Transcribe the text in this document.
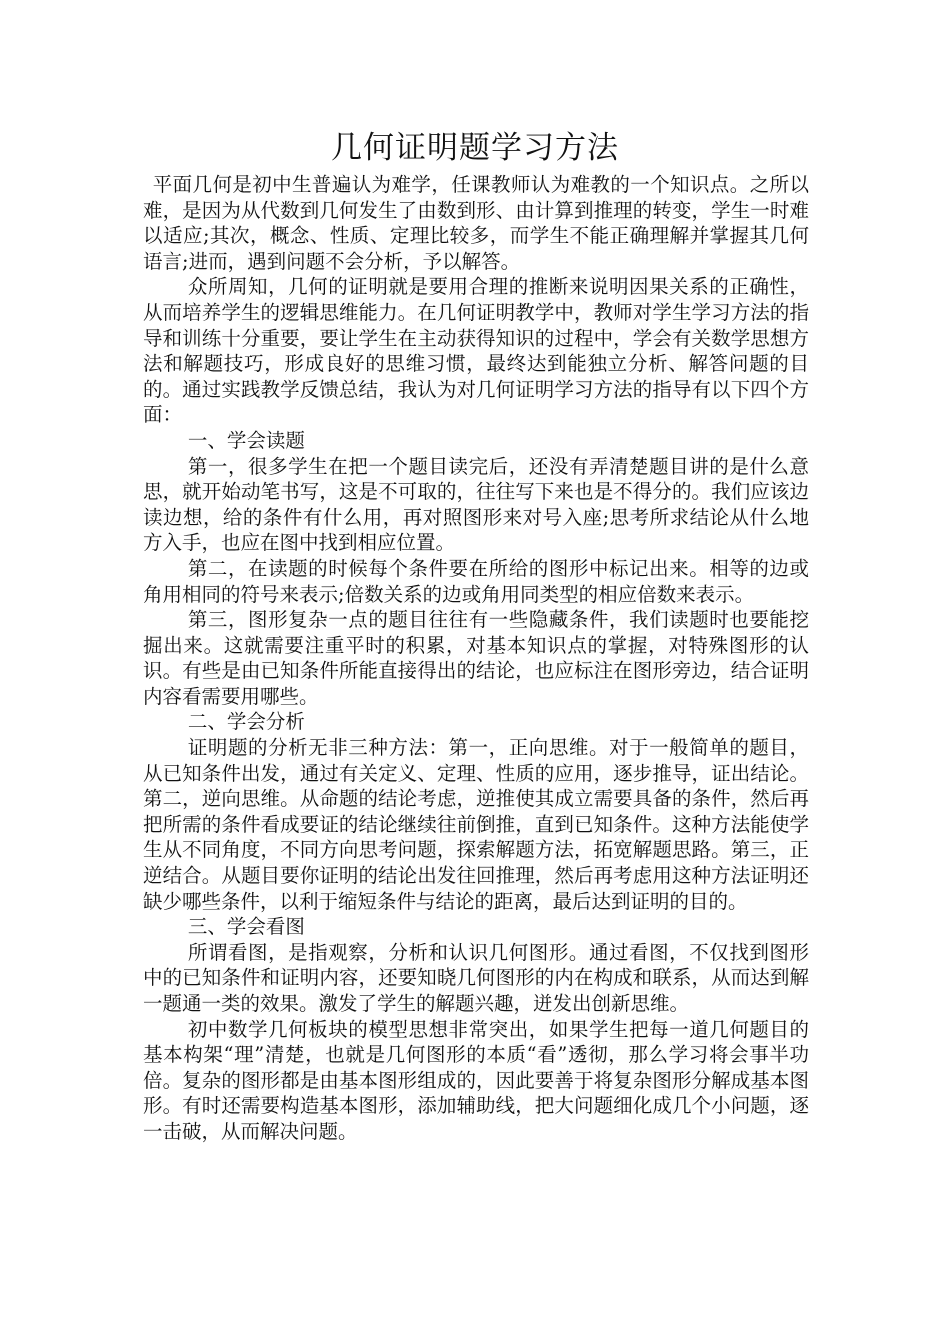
几何证明题学习方法

平面几何是初中生普遍认为难学，任课教师认为难教的一个知识点。之所以难，是因为从代数到几何发生了由数到形、由计算到推理的转变，学生一时难以适应;其次，概念、性质、定理比较多，而学生不能正确理解并掌握其几何语言;进而，遇到问题不会分析，予以解答。

众所周知，几何的证明就是要用合理的推断来说明因果关系的正确性，从而培养学生的逻辑思维能力。在几何证明教学中，教师对学生学习方法的指导和训练十分重要，要让学生在主动获得知识的过程中，学会有关数学思想方法和解题技巧，形成良好的思维习惯，最终达到能独立分析、解答问题的目的。通过实践教学反馈总结，我认为对几何证明学习方法的指导有以下四个方面：

一、学会读题

第一，很多学生在把一个题目读完后，还没有弄清楚题目讲的是什么意思，就开始动笔书写，这是不可取的，往往写下来也是不得分的。我们应该边读边想，给的条件有什么用，再对照图形来对号入座;思考所求结论从什么地方入手，也应在图中找到相应位置。

第二，在读题的时候每个条件要在所给的图形中标记出来。相等的边或角用相同的符号来表示;倍数关系的边或角用同类型的相应倍数来表示。

第三，图形复杂一点的题目往往有一些隐藏条件，我们读题时也要能挖掘出来。这就需要注重平时的积累，对基本知识点的掌握，对特殊图形的认识。有些是由已知条件所能直接得出的结论，也应标注在图形旁边，结合证明内容看需要用哪些。

二、学会分析

证明题的分析无非三种方法：第一，正向思维。对于一般简单的题目，从已知条件出发，通过有关定义、定理、性质的应用，逐步推导，证出结论。第二，逆向思维。从命题的结论考虑，逆推使其成立需要具备的条件，然后再把所需的条件看成要证的结论继续往前倒推，直到已知条件。这种方法能使学生从不同角度，不同方向思考问题，探索解题方法，拓宽解题思路。第三，正逆结合。从题目要你证明的结论出发往回推理，然后再考虑用这种方法证明还缺少哪些条件，以利于缩短条件与结论的距离，最后达到证明的目的。

三、学会看图

所谓看图，是指观察，分析和认识几何图形。通过看图，不仅找到图形中的已知条件和证明内容，还要知晓几何图形的内在构成和联系，从而达到解一题通一类的效果。激发了学生的解题兴趣，迸发出创新思维。

初中数学几何板块的模型思想非常突出，如果学生把每一道几何题目的基本构架“理”清楚，也就是几何图形的本质“看”透彻，那么学习将会事半功倍。复杂的图形都是由基本图形组成的，因此要善于将复杂图形分解成基本图形。有时还需要构造基本图形，添加辅助线，把大问题细化成几个小问题，逐一击破，从而解决问题。
